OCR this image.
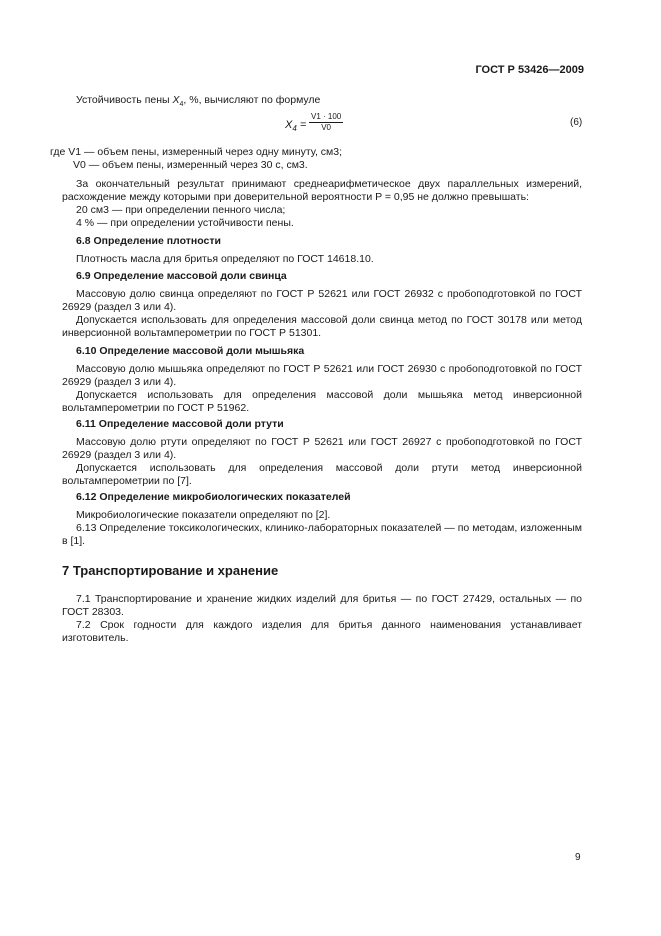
ГОСТ Р 53426—2009
Устойчивость пены $X_4$, %, вычисляют по формуле
$X_4 = \frac{V1 \cdot 100}{V0}$	(6)
где V1 — объем пены, измеренный через одну минуту, см3;
V0 — объем пены, измеренный через 30 с, см3.
За окончательный результат принимают среднеарифметическое двух параллельных измерений, расхождение между которыми при доверительной вероятности P = 0,95 не должно превышать:
20 см3 — при определении пенного числа;
4 % — при определении устойчивости пены.
6.8 Определение плотности
Плотность масла для бритья определяют по ГОСТ 14618.10.
6.9 Определение массовой доли свинца
Массовую долю свинца определяют по ГОСТ Р 52621 или ГОСТ 26932 с пробоподготовкой по ГОСТ 26929 (раздел 3 или 4).
Допускается использовать для определения массовой доли свинца метод по ГОСТ 30178 или метод инверсионной вольтамперометрии по ГОСТ Р 51301.
6.10 Определение массовой доли мышьяка
Массовую долю мышьяка определяют по ГОСТ Р 52621 или ГОСТ 26930 с пробоподготовкой по ГОСТ 26929 (раздел 3 или 4).
Допускается использовать для определения массовой доли мышьяка метод инверсионной вольтамперометрии по ГОСТ Р 51962.
6.11 Определение массовой доли ртути
Массовую долю ртути определяют по ГОСТ Р 52621 или ГОСТ 26927 с пробоподготовкой по ГОСТ 26929 (раздел 3 или 4).
Допускается использовать для определения массовой доли ртути метод инверсионной вольтамперометрии по [7].
6.12 Определение микробиологических показателей
Микробиологические показатели определяют по [2].
6.13 Определение токсикологических, клинико-лабораторных показателей — по методам, изложенным в [1].
7 Транспортирование и хранение
7.1 Транспортирование и хранение жидких изделий для бритья — по ГОСТ 27429, остальных — по ГОСТ 28303.
7.2 Срок годности для каждого изделия для бритья данного наименования устанавливает изготовитель.
9
